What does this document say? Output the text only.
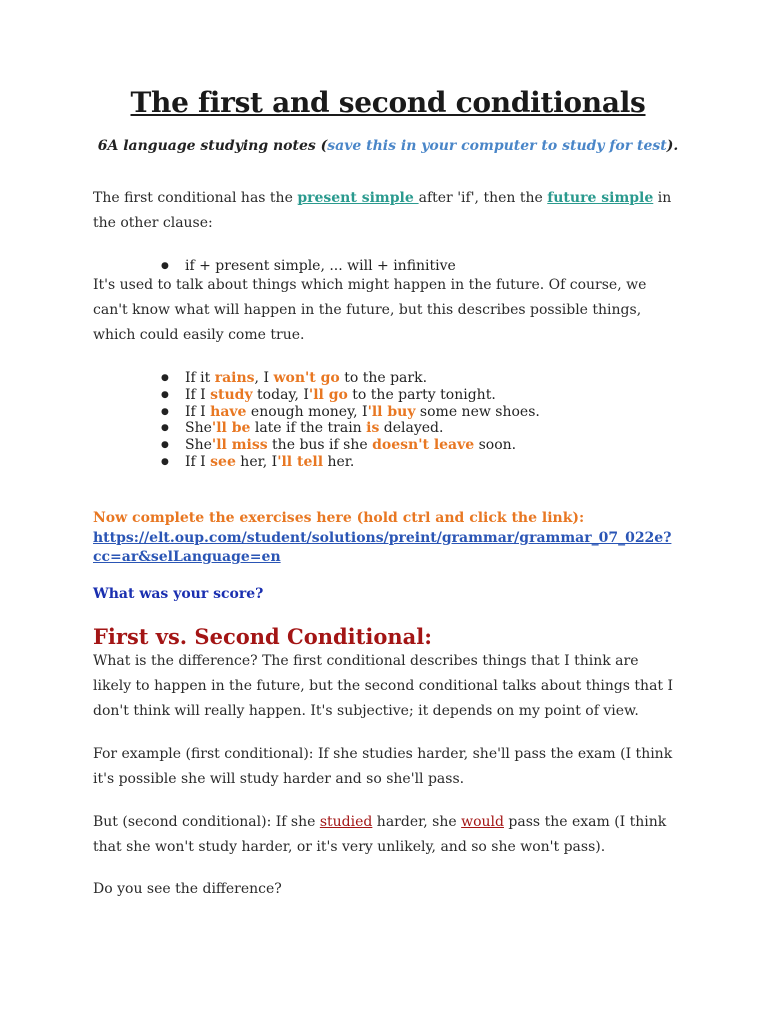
The first and second conditionals
6A language studying notes (save this in your computer to study for test).
The first conditional has the present simple after 'if', then the future simple in the other clause:
● if + present simple, ... will + infinitive
It's used to talk about things which might happen in the future. Of course, we can't know what will happen in the future, but this describes possible things, which could easily come true.
● If it rains, I won't go to the park.
● If I study today, I'll go to the party tonight.
● If I have enough money, I'll buy some new shoes.
● She'll be late if the train is delayed.
● She'll miss the bus if she doesn't leave soon.
● If I see her, I'll tell her.
Now complete the exercises here (hold ctrl and click the link):
https://elt.oup.com/student/solutions/preint/grammar/grammar_07_022e?cc=ar&selLanguage=en
What was your score?
First vs. Second Conditional:
What is the difference? The first conditional describes things that I think are likely to happen in the future, but the second conditional talks about things that I don't think will really happen. It's subjective; it depends on my point of view.
For example (first conditional): If she studies harder, she'll pass the exam (I think it's possible she will study harder and so she'll pass.
But (second conditional): If she studied harder, she would pass the exam (I think that she won't study harder, or it's very unlikely, and so she won't pass).
Do you see the difference?
